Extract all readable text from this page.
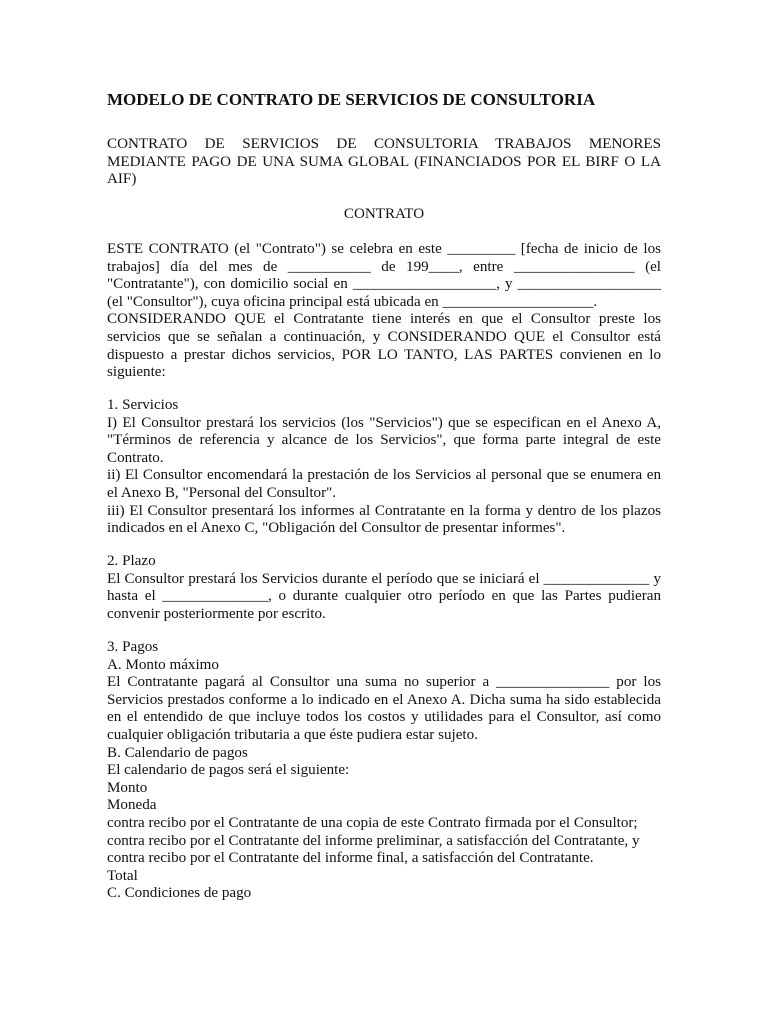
MODELO DE CONTRATO DE SERVICIOS DE CONSULTORIA
CONTRATO DE SERVICIOS DE CONSULTORIA TRABAJOS MENORES
MEDIANTE PAGO DE UNA SUMA GLOBAL (FINANCIADOS POR EL BIRF O LA
AIF)
CONTRATO
ESTE CONTRATO (el "Contrato") se celebra en este _________ [fecha de inicio de los
trabajos] día del mes de ___________ de 199____, entre ________________ (el
"Contratante"), con domicilio social en ___________________, y ___________________
(el "Consultor"), cuya oficina principal está ubicada en ____________________.
CONSIDERANDO QUE el Contratante tiene interés en que el Consultor preste los
servicios que se señalan a continuación, y CONSIDERANDO QUE el Consultor está
dispuesto a prestar dichos servicios, POR LO TANTO, LAS PARTES convienen en lo
siguiente:
1. Servicios
I) El Consultor prestará los servicios (los "Servicios") que se especifican en el Anexo A,
"Términos de referencia y alcance de los Servicios", que forma parte integral de este
Contrato.
ii) El Consultor encomendará la prestación de los Servicios al personal que se enumera en
el Anexo B, "Personal del Consultor".
iii) El Consultor presentará los informes al Contratante en la forma y dentro de los plazos
indicados en el Anexo C, "Obligación del Consultor de presentar informes".
2. Plazo
El Consultor prestará los Servicios durante el período que se iniciará el ______________ y
hasta el ______________, o durante cualquier otro período en que las Partes pudieran
convenir posteriormente por escrito.
3. Pagos
A. Monto máximo
El Contratante pagará al Consultor una suma no superior a _______________ por los
Servicios prestados conforme a lo indicado en el Anexo A. Dicha suma ha sido establecida
en el entendido de que incluye todos los costos y utilidades para el Consultor, así como
cualquier obligación tributaria a que éste pudiera estar sujeto.
B. Calendario de pagos
El calendario de pagos será el siguiente:
Monto
Moneda
contra recibo por el Contratante de una copia de este Contrato firmada por el Consultor;
contra recibo por el Contratante del informe preliminar, a satisfacción del Contratante, y
contra recibo por el Contratante del informe final, a satisfacción del Contratante.
Total
C. Condiciones de pago
